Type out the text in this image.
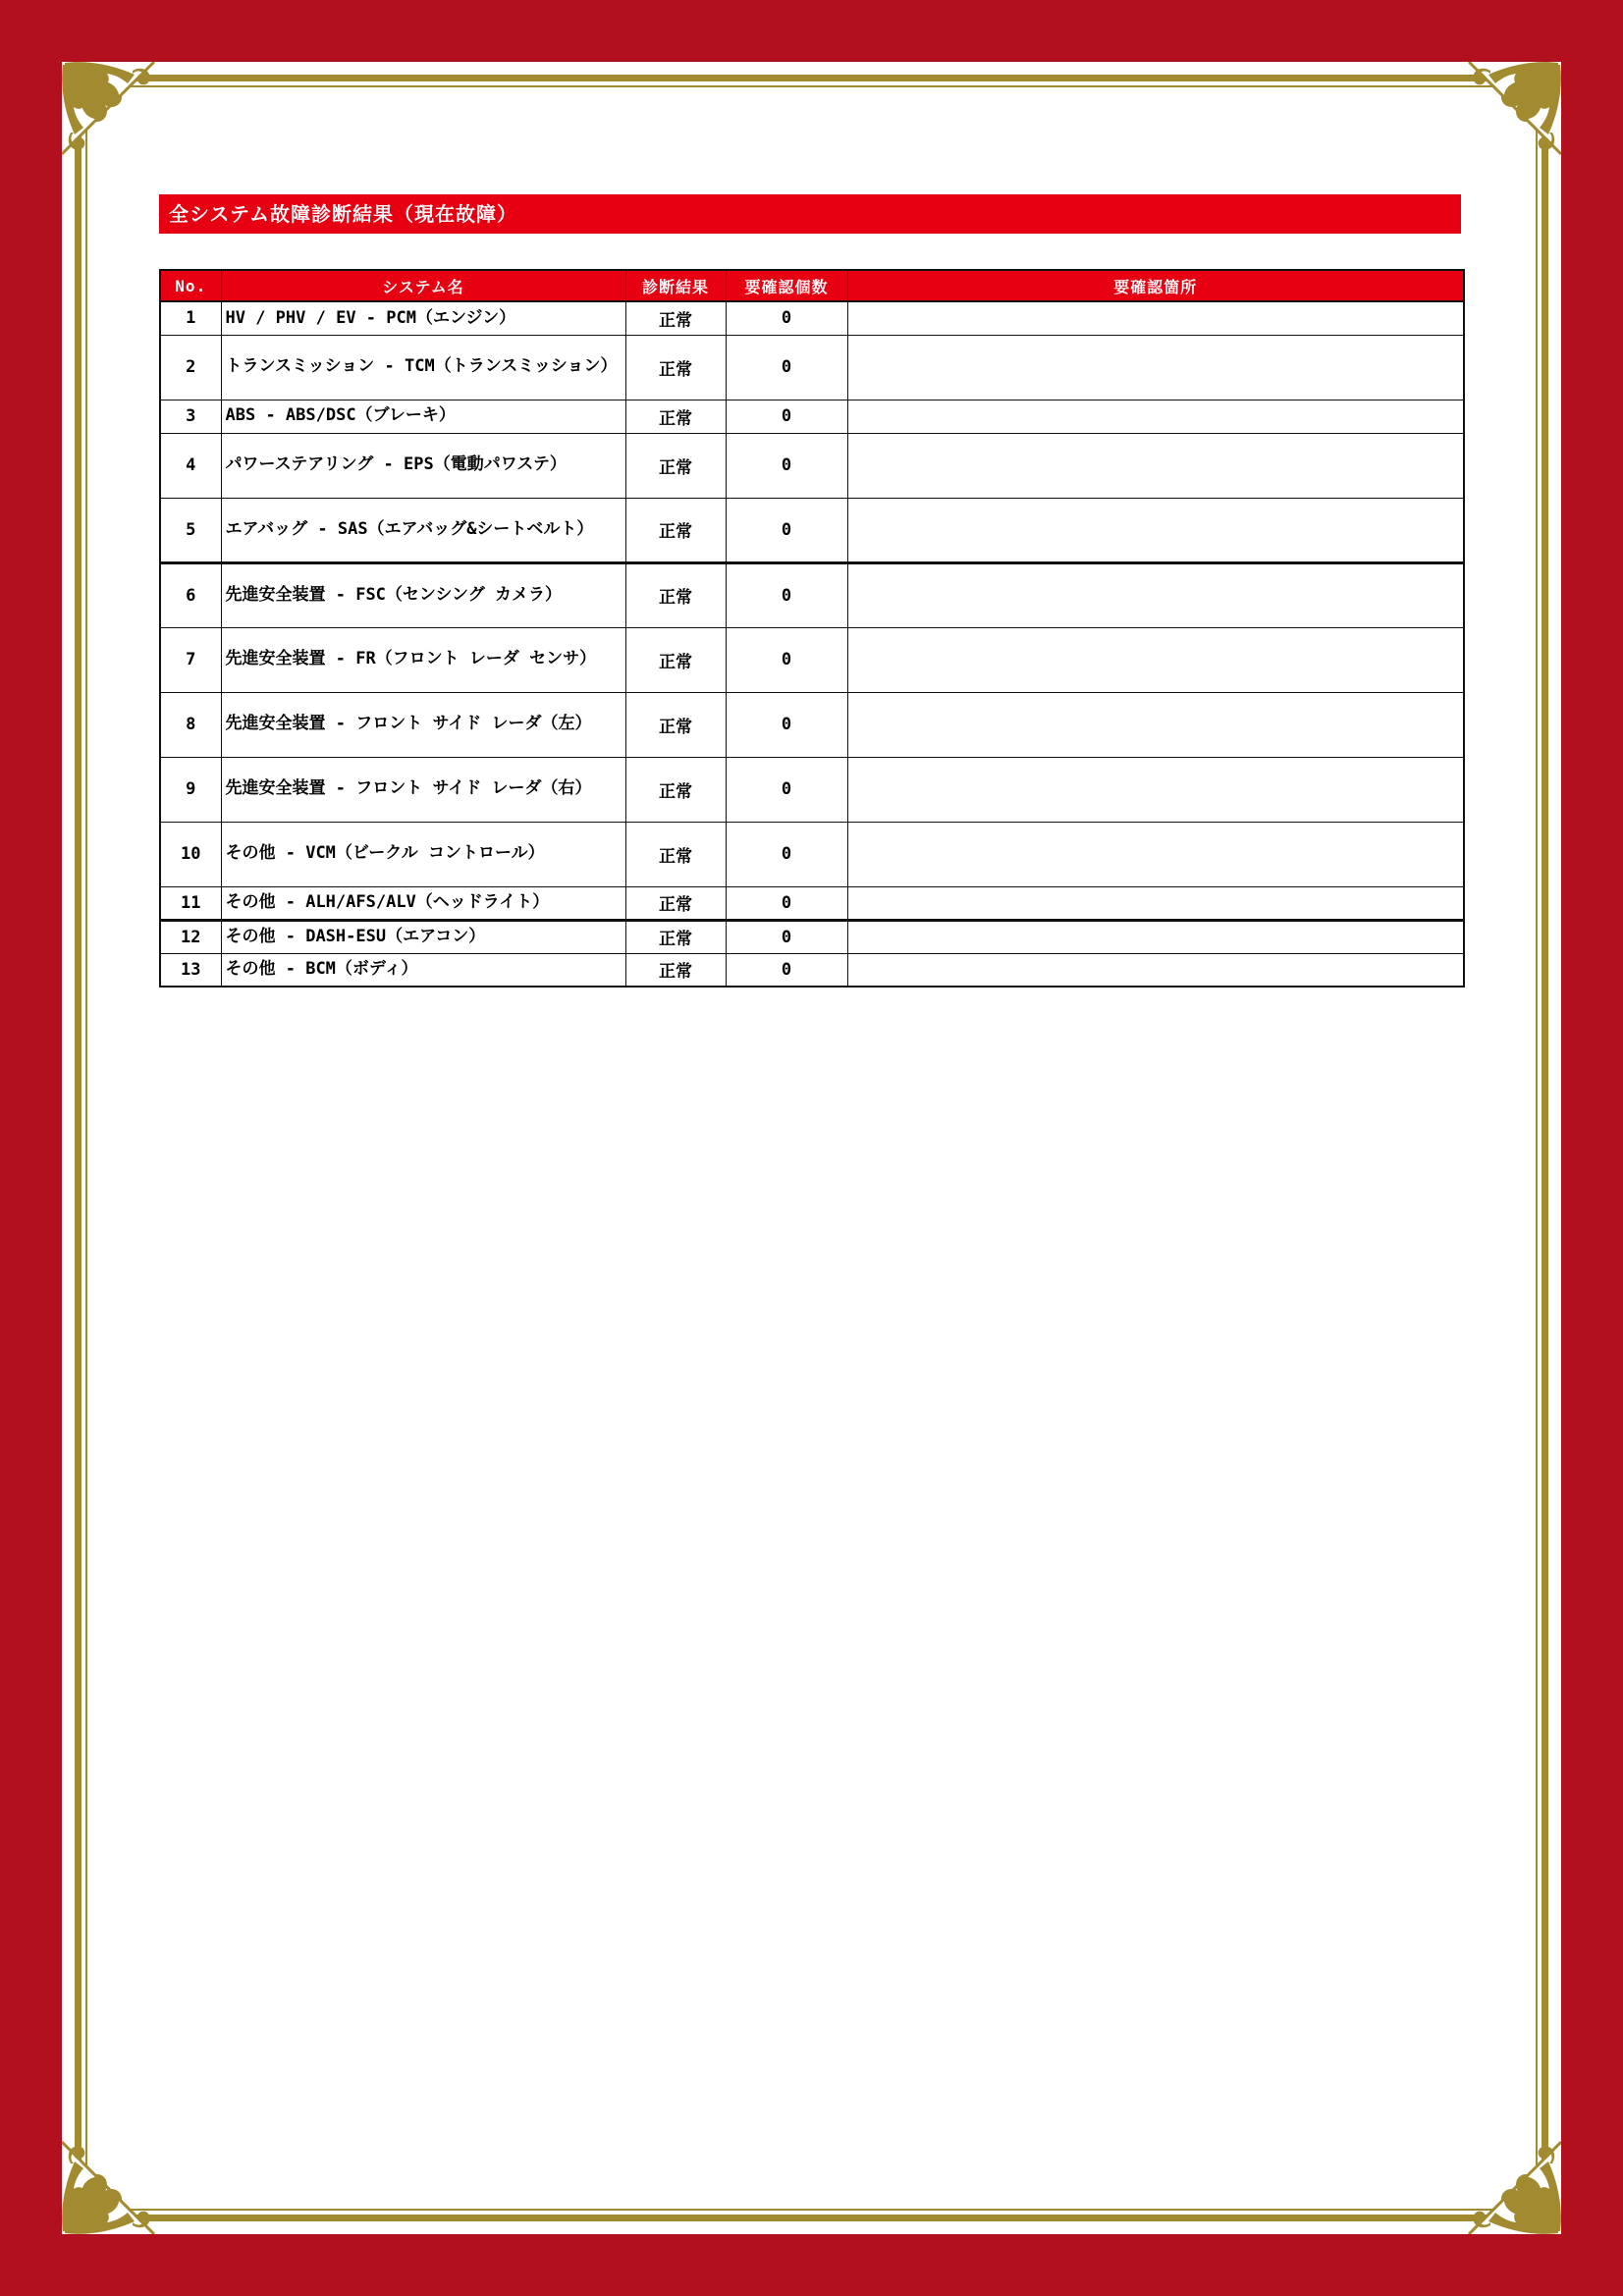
全システム故障診断結果（現在故障）
No.	システム名	診断結果	要確認個数	要確認箇所
1	HV / PHV / EV - PCM（エンジン）	正常	0	
2	トランスミッション - TCM（トランスミッション）	正常	0	
3	ABS - ABS/DSC（ブレーキ）	正常	0	
4	パワーステアリング - EPS（電動パワステ）	正常	0	
5	エアバッグ - SAS（エアバッグ&シートベルト）	正常	0	
6	先進安全装置 - FSC（センシング カメラ）	正常	0	
7	先進安全装置 - FR（フロント レーダ センサ）	正常	0	
8	先進安全装置 - フロント サイド レーダ（左）	正常	0	
9	先進安全装置 - フロント サイド レーダ（右）	正常	0	
10	その他 - VCM（ビークル コントロール）	正常	0	
11	その他 - ALH/AFS/ALV（ヘッドライト）	正常	0	
12	その他 - DASH-ESU（エアコン）	正常	0	
13	その他 - BCM（ボディ）	正常	0	
